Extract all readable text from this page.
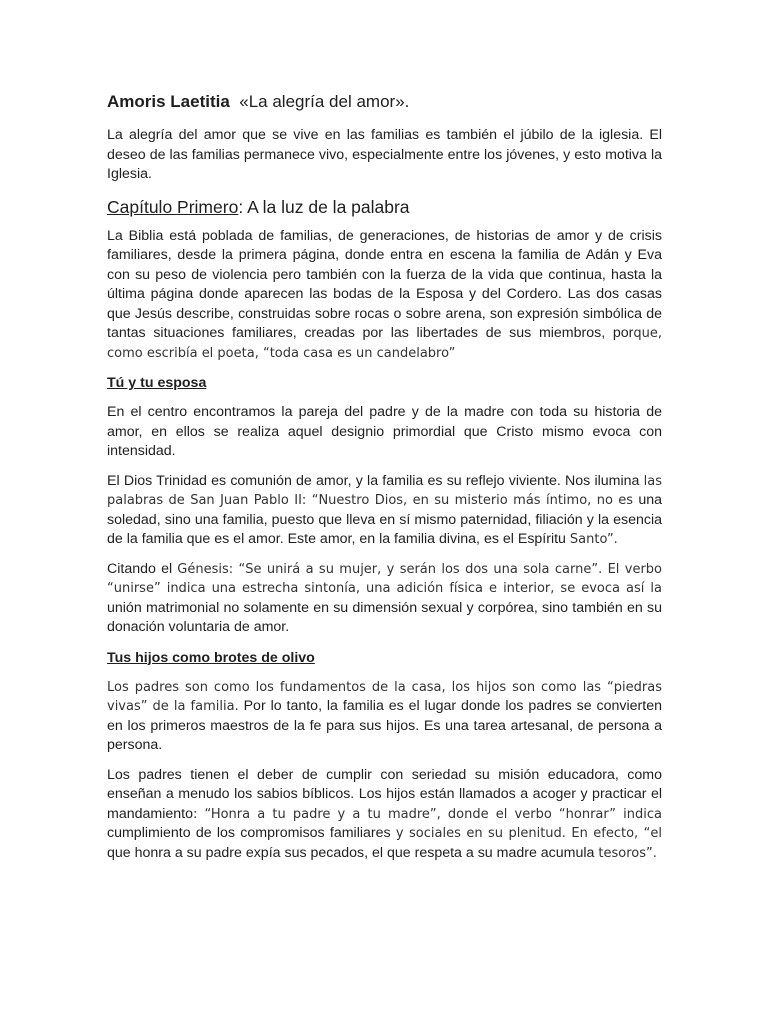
Amoris Laetitia «La alegría del amor».

La alegría del amor que se vive en las familias es también el júbilo de la iglesia. El deseo de las familias permanece vivo, especialmente entre los jóvenes, y esto motiva la Iglesia.

Capítulo Primero: A la luz de la palabra

La Biblia está poblada de familias, de generaciones, de historias de amor y de crisis familiares, desde la primera página, donde entra en escena la familia de Adán y Eva con su peso de violencia pero también con la fuerza de la vida que continua, hasta la última página donde aparecen las bodas de la Esposa y del Cordero. Las dos casas que Jesús describe, construidas sobre rocas o sobre arena, son expresión simbólica de tantas situaciones familiares, creadas por las libertades de sus miembros, porque, como escribía el poeta, “toda casa es un candelabro”

Tú y tu esposa

En el centro encontramos la pareja del padre y de la madre con toda su historia de amor, en ellos se realiza aquel designio primordial que Cristo mismo evoca con intensidad.

El Dios Trinidad es comunión de amor, y la familia es su reflejo viviente. Nos ilumina las palabras de San Juan Pablo II: “Nuestro Dios, en su misterio más íntimo, no es una soledad, sino una familia, puesto que lleva en sí mismo paternidad, filiación y la esencia de la familia que es el amor. Este amor, en la familia divina, es el Espíritu Santo”.

Citando el Génesis: “Se unirá a su mujer, y serán los dos una sola carne”. El verbo “unirse” indica una estrecha sintonía, una adición física e interior, se evoca así la unión matrimonial no solamente en su dimensión sexual y corpórea, sino también en su donación voluntaria de amor.

Tus hijos como brotes de olivo

Los padres son como los fundamentos de la casa, los hijos son como las “piedras vivas” de la familia. Por lo tanto, la familia es el lugar donde los padres se convierten en los primeros maestros de la fe para sus hijos. Es una tarea artesanal, de persona a persona.

Los padres tienen el deber de cumplir con seriedad su misión educadora, como enseñan a menudo los sabios bíblicos. Los hijos están llamados a acoger y practicar el mandamiento: “Honra a tu padre y a tu madre”, donde el verbo “honrar” indica cumplimiento de los compromisos familiares y sociales en su plenitud. En efecto, “el que honra a su padre expía sus pecados, el que respeta a su madre acumula tesoros”.
